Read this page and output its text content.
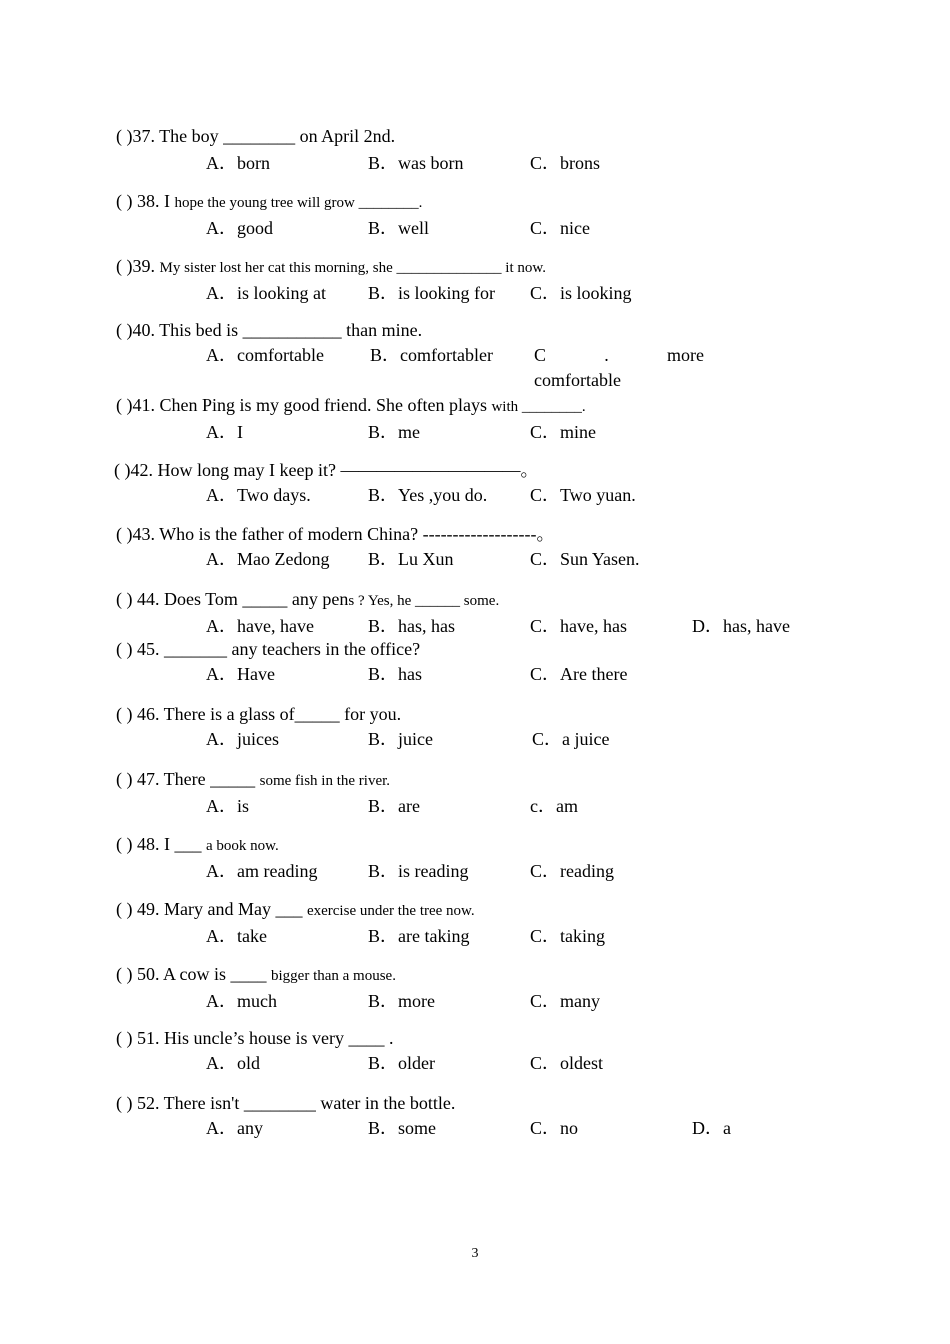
( )37. The boy ________ on April 2nd.
A．born	B．was born	C．brons
( ) 38. I hope the young tree will grow ________.
A．good	B．well	C．nice
( )39. My sister lost her cat this morning, she ______________ it now.
A．is looking at B．is looking for C．is looking
( )40. This bed is ___________ than mine.
A．comfortable	B．comfortabler C	.	more
comfortable
( )41. Chen Ping is my good friend. She often plays with ________.
A．I	B．me	C．mine
( )42. How long may I keep it? ——————————。
A．Two days.	B．Yes ,you do. C．Two yuan.
( )43. Who is the father of modern China? -------------------。
A．Mao Zedong B．Lu Xun	C．Sun Yasen.
( ) 44. Does Tom _____ any pens ? Yes, he ______ some.
A．have, have	B．has, has	C．have, has	D．has, have
( ) 45. _______ any teachers in the office?
A．Have	B．has	C．Are there
( ) 46. There is a glass of_____ for you.
A．juices	B．juice	C．a juice
( ) 47. There _____ some fish in the river.
A．is	B．are	c．am
( ) 48. I ___ a book now.
A．am reading	B．is reading	C．reading
( ) 49. Mary and May ___ exercise under the tree now.
A．take	B．are taking	C．taking
( ) 50. A cow is ____ bigger than a mouse.
A．much	B．more	C．many
( ) 51. His uncle’s house is very ____ .
A．old	B．older	C．oldest
( ) 52. There isn't ________ water in the bottle.
A．any	B．some	C．no	D．a
3
